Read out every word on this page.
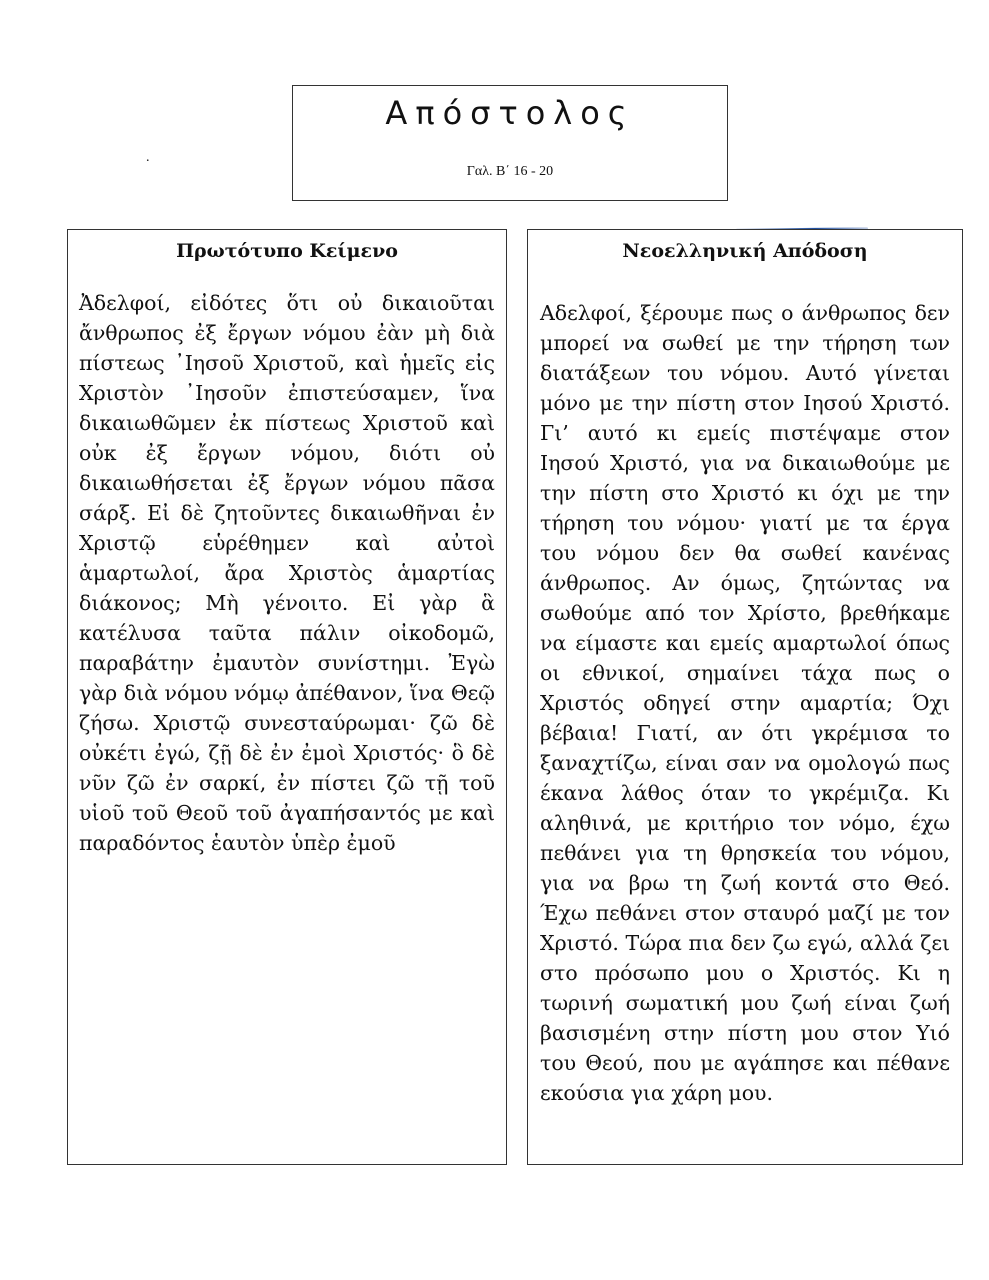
Απόστολος
Γαλ. Β΄ 16 - 20
.
Πρωτότυπο Κείμενο
Ἀδελφοί, εἰδότες ὅτι οὐ δικαιοῦται ἄνθρωπος ἐξ ἔργων νόμου ἐὰν μὴ διὰ πίστεως ᾿Ιησοῦ Χριστοῦ, καὶ ἡμεῖς εἰς Χριστὸν ᾿Ιησοῦν ἐπιστεύσαμεν, ἵνα δικαιωθῶμεν ἐκ πίστεως Χριστοῦ καὶ οὐκ ἐξ ἔργων νόμου, διότι οὐ δικαιωθήσεται ἐξ ἔργων νόμου πᾶσα σάρξ. Εἰ δὲ ζητοῦντες δικαιωθῆναι ἐν Χριστῷ εὑρέθημεν καὶ αὐτοὶ ἁμαρτωλοί, ἄρα Χριστὸς ἁμαρτίας διάκονος; Μὴ γένοιτο. Εἰ γὰρ ἃ κατέλυσα ταῦτα πάλιν οἰκοδομῶ, παραβάτην ἐμαυτὸν συνίστημι. Ἐγὼ γὰρ διὰ νόμου νόμῳ ἀπέθανον, ἵνα Θεῷ ζήσω. Χριστῷ συνεσταύρωμαι· ζῶ δὲ οὐκέτι ἐγώ, ζῇ δὲ ἐν ἐμοὶ Χριστός· ὃ δὲ νῦν ζῶ ἐν σαρκί, ἐν πίστει ζῶ τῇ τοῦ υἱοῦ τοῦ Θεοῦ τοῦ ἀγαπήσαντός με καὶ παραδόντος ἑαυτὸν ὑπὲρ ἐμοῦ
Νεοελληνική Απόδοση
Αδελφοί, ξέρουμε πως ο άνθρωπος δεν μπορεί να σωθεί με την τήρηση των διατάξεων του νόμου. Αυτό γίνεται μόνο με την πίστη στον Ιησού Χριστό. Γι’ αυτό κι εμείς πιστέψαμε στον Ιησού Χριστό, για να δικαιωθούμε με την πίστη στο Χριστό κι όχι με την τήρηση του νόμου· γιατί με τα έργα του νόμου δεν θα σωθεί κανένας άνθρωπος. Αν όμως, ζητώντας να σωθούμε από τον Χρίστο, βρεθήκαμε να είμαστε και εμείς αμαρτωλοί όπως οι εθνικοί, σημαίνει τάχα πως ο Χριστός οδηγεί στην αμαρτία; Όχι βέβαια! Γιατί, αν ότι γκρέμισα το ξαναχτίζω, είναι σαν να ομολογώ πως έκανα λάθος όταν το γκρέμιζα. Κι αληθινά, με κριτήριο τον νόμο, έχω πεθάνει για τη θρησκεία του νόμου, για να βρω τη ζωή κοντά στο Θεό. Έχω πεθάνει στον σταυρό μαζί με τον Χριστό. Τώρα πια δεν ζω εγώ, αλλά ζει στο πρόσωπο μου ο Χριστός. Κι η τωρινή σωματική μου ζωή είναι ζωή βασισμένη στην πίστη μου στον Υιό του Θεού, που με αγάπησε και πέθανε εκούσια για χάρη μου.
